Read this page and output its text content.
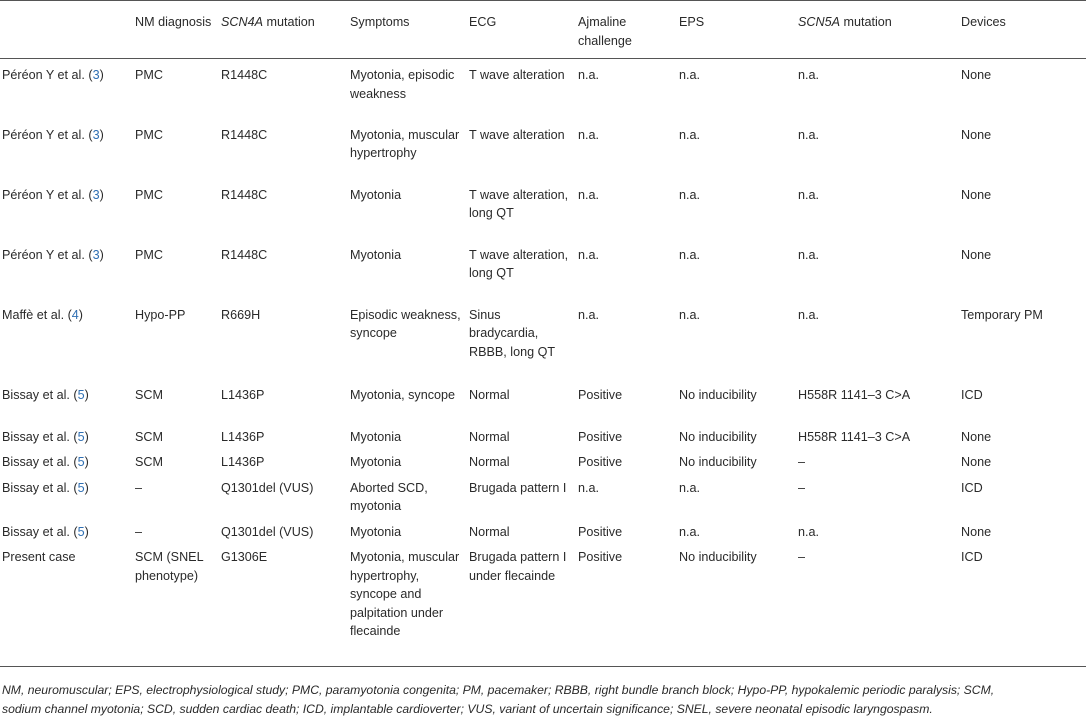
	NM diagnosis	SCN4A mutation	Symptoms	ECG	Ajmaline challenge	EPS	SCN5A mutation	Devices
Péréon Y et al. (3)	PMC	R1448C	Myotonia, episodic weakness	T wave alteration	n.a.	n.a.	n.a.	None
Péréon Y et al. (3)	PMC	R1448C	Myotonia, muscular hypertrophy	T wave alteration	n.a.	n.a.	n.a.	None
Péréon Y et al. (3)	PMC	R1448C	Myotonia	T wave alteration, long QT	n.a.	n.a.	n.a.	None
Péréon Y et al. (3)	PMC	R1448C	Myotonia	T wave alteration, long QT	n.a.	n.a.	n.a.	None
Maffè et al. (4)	Hypo-PP	R669H	Episodic weakness, syncope	Sinus bradycardia, RBBB, long QT	n.a.	n.a.	n.a.	Temporary PM
Bissay et al. (5)	SCM	L1436P	Myotonia, syncope	Normal	Positive	No inducibility	H558R 1141–3 C>A	ICD
Bissay et al. (5)	SCM	L1436P	Myotonia	Normal	Positive	No inducibility	H558R 1141–3 C>A	None
Bissay et al. (5)	SCM	L1436P	Myotonia	Normal	Positive	No inducibility	–	None
Bissay et al. (5)	–	Q1301del (VUS)	Aborted SCD, myotonia	Brugada pattern I	n.a.	n.a.	–	ICD
Bissay et al. (5)	–	Q1301del (VUS)	Myotonia	Normal	Positive	n.a.	n.a.	None
Present case	SCM (SNEL phenotype)	G1306E	Myotonia, muscular hypertrophy, syncope and palpitation under flecainde	Brugada pattern I under flecainde	Positive	No inducibility	–	ICD
NM, neuromuscular; EPS, electrophysiological study; PMC, paramyotonia congenita; PM, pacemaker; RBBB, right bundle branch block; Hypo-PP, hypokalemic periodic paralysis; SCM, sodium channel myotonia; SCD, sudden cardiac death; ICD, implantable cardioverter; VUS, variant of uncertain significance; SNEL, severe neonatal episodic laryngospasm.
